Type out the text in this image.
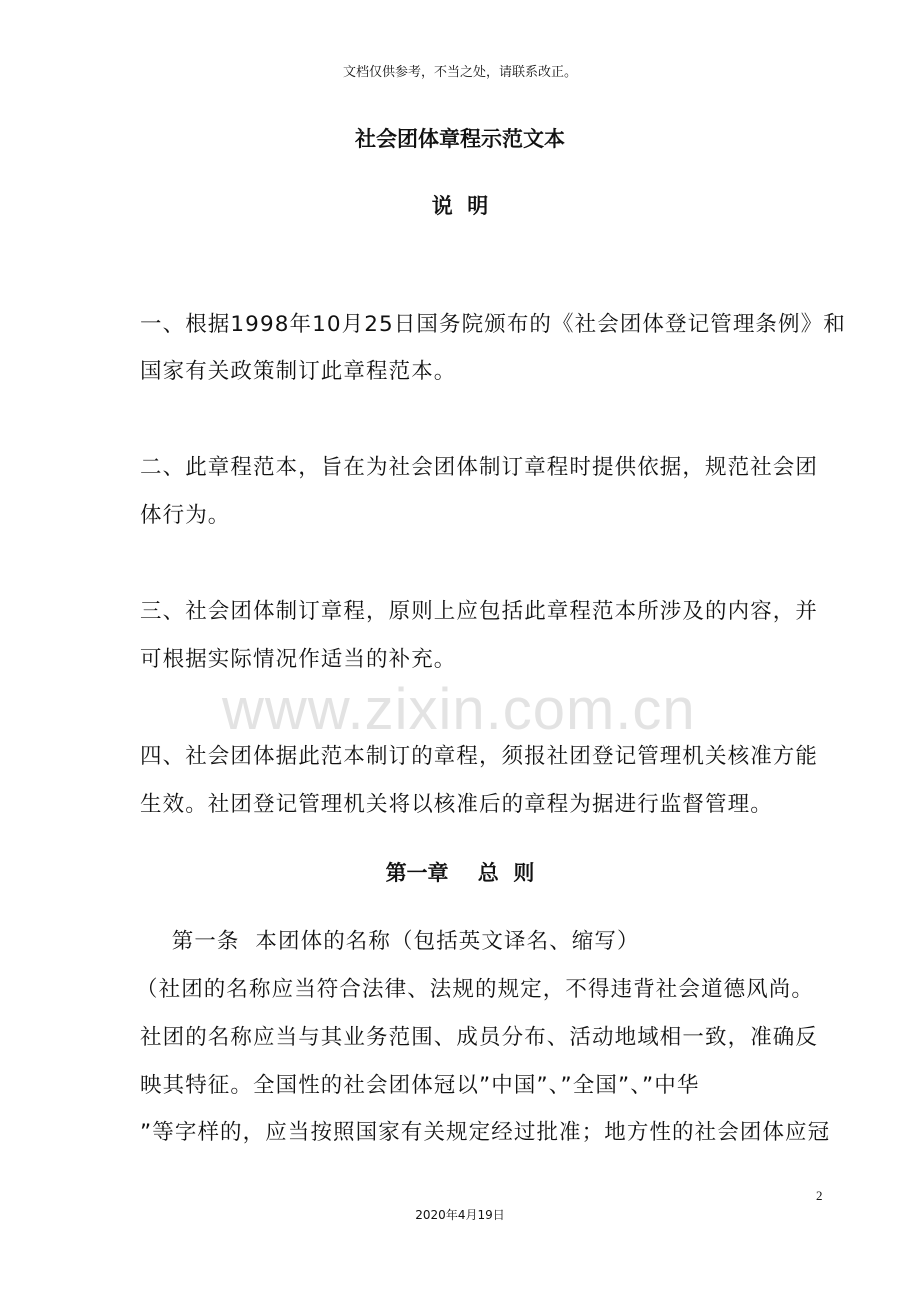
文档仅供参考，不当之处，请联系改正。
社会团体章程示范文本
说  明
www.zixin.com.cn
一、根据1998年10月25日国务院颁布的《社会团体登记管理条例》和
国家有关政策制订此章程范本。
二、此章程范本，旨在为社会团体制订章程时提供依据，规范社会团
体行为。
三、社会团体制订章程，原则上应包括此章程范本所涉及的内容，并
可根据实际情况作适当的补充。
四、社会团体据此范本制订的章程，须报社团登记管理机关核准方能
生效。社团登记管理机关将以核准后的章程为据进行监督管理。
第一章    总  则
第一条  本团体的名称（包括英文译名、缩写）
（社团的名称应当符合法律、法规的规定，不得违背社会道德风尚。
社团的名称应当与其业务范围、成员分布、活动地域相一致，准确反
映其特征。全国性的社会团体冠以”中国”、”全国”、”中华
”等字样的，应当按照国家有关规定经过批准；地方性的社会团体应冠
2
2020年4月19日
